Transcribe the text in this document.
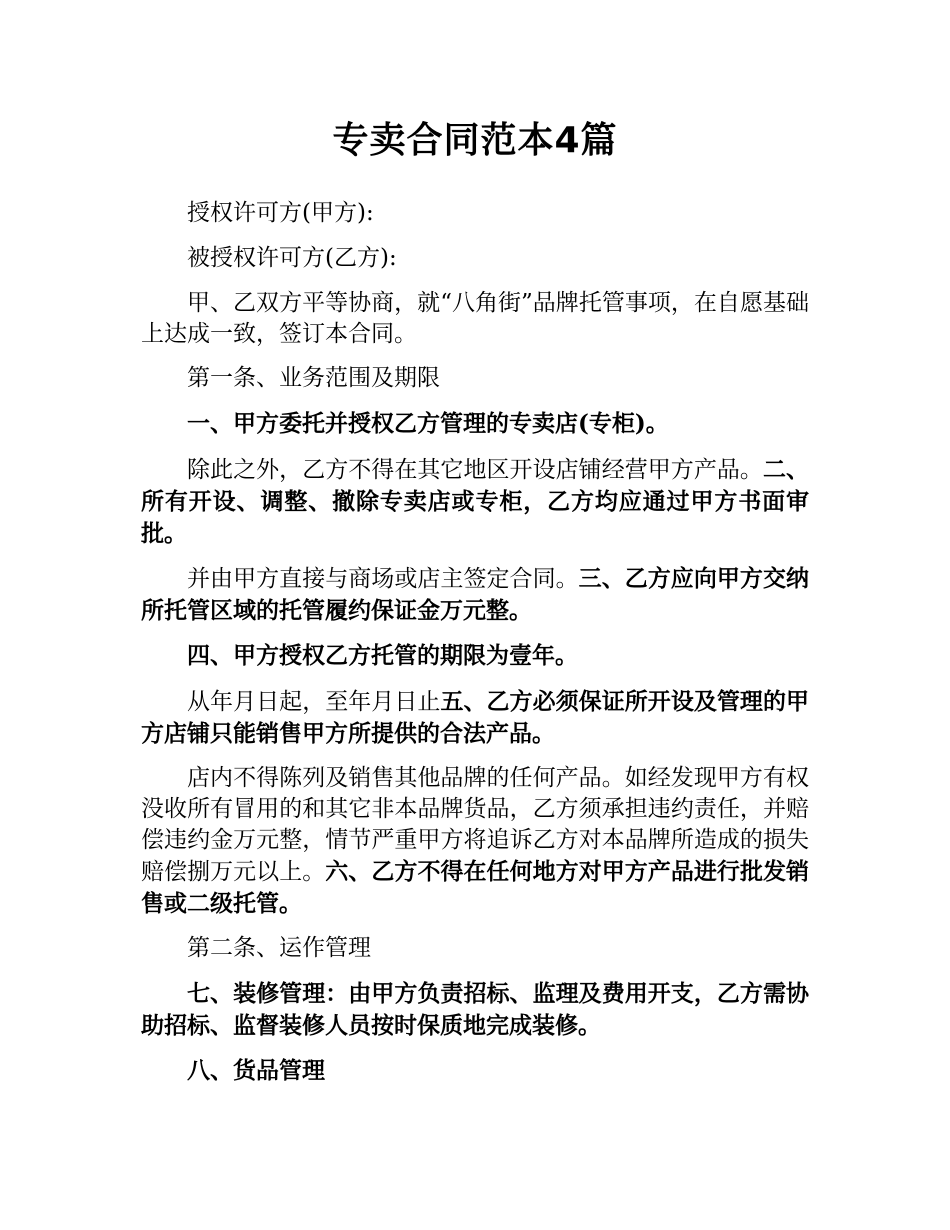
专卖合同范本4篇

授权许可方(甲方):

被授权许可方(乙方):

甲、乙双方平等协商，就“八角街”品牌托管事项，在自愿基础上达成一致，签订本合同。

第一条、业务范围及期限

一、甲方委托并授权乙方管理的专卖店(专柜)。

除此之外，乙方不得在其它地区开设店铺经营甲方产品。二、所有开设、调整、撤除专卖店或专柜，乙方均应通过甲方书面审批。

并由甲方直接与商场或店主签定合同。三、乙方应向甲方交纳所托管区域的托管履约保证金万元整。

四、甲方授权乙方托管的期限为壹年。

从年月日起，至年月日止五、乙方必须保证所开设及管理的甲方店铺只能销售甲方所提供的合法产品。

店内不得陈列及销售其他品牌的任何产品。如经发现甲方有权没收所有冒用的和其它非本品牌货品，乙方须承担违约责任，并赔偿违约金万元整，情节严重甲方将追诉乙方对本品牌所造成的损失赔偿捌万元以上。六、乙方不得在任何地方对甲方产品进行批发销售或二级托管。

第二条、运作管理

七、装修管理：由甲方负责招标、监理及费用开支，乙方需协助招标、监督装修人员按时保质地完成装修。

八、货品管理
